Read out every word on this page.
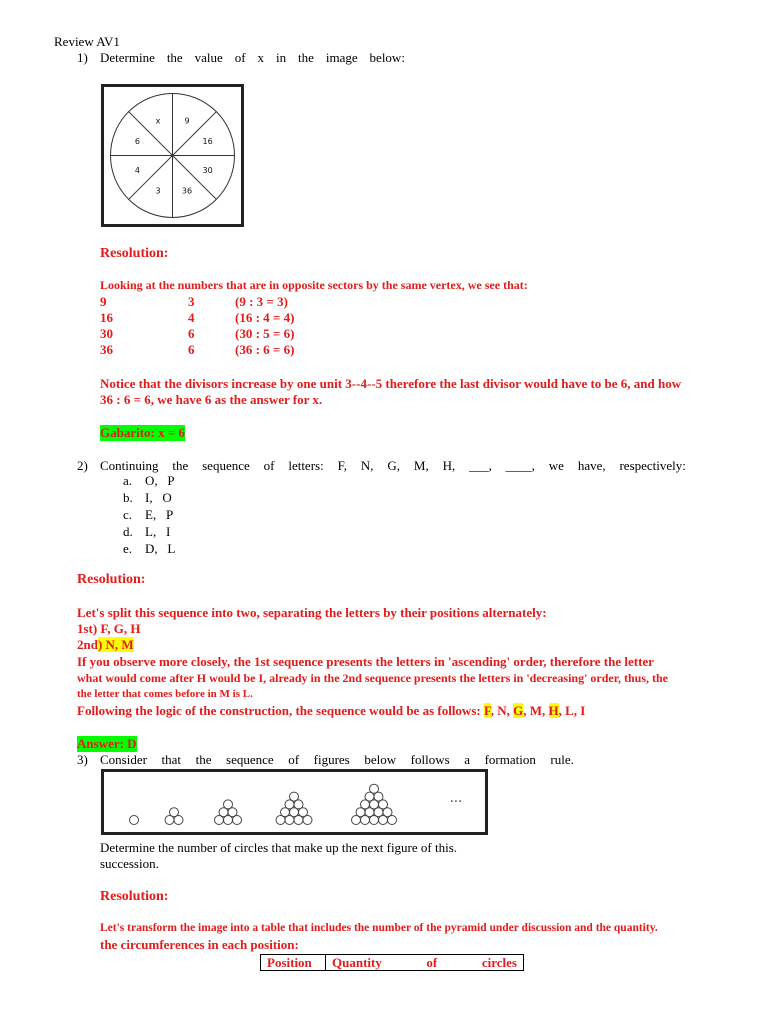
Review AV1
1) Determine the value of x in the image below:
x	9
16
30
36
3
4
6
Resolution:
Looking at the numbers that are in opposite sectors by the same vertex, we see that:
9	3	(9 : 3 = 3)
16	4	(16 : 4 = 4)
30	6	(30 : 5 = 6)
36	6	(36 : 6 = 6)
Notice that the divisors increase by one unit 3--4--5 therefore the last divisor would have to be 6, and how
36 : 6 = 6, we have 6 as the answer for x.
Gabarito: x = 6
2) Continuing the sequence of letters: F, N, G, M, H, ___, ____, we have, respectively:
a. O,   P
b. I,   O
c. E,   P
d. L,   I
e. D,   L
Resolution:
Let's split this sequence into two, separating the letters by their positions alternately:
1st) F, G, H
2nd) N, M
If you observe more closely, the 1st sequence presents the letters in 'ascending' order, therefore the letter
what would come after H would be I, already in the 2nd sequence presents the letters in 'decreasing' order, thus, the
the letter that comes before in M is L.
Following the logic of the construction, the sequence would be as follows: F, N, G, M, H, L, I
Answer: D
3) Consider that the sequence of figures below follows a formation rule.
...
Determine the number of circles that make up the next figure of this.
succession.
Resolution:
Let's transform the image into a table that includes the number of the pyramid under discussion and the quantity.
the circumferences in each position:
Position	Quantity	of	circles
